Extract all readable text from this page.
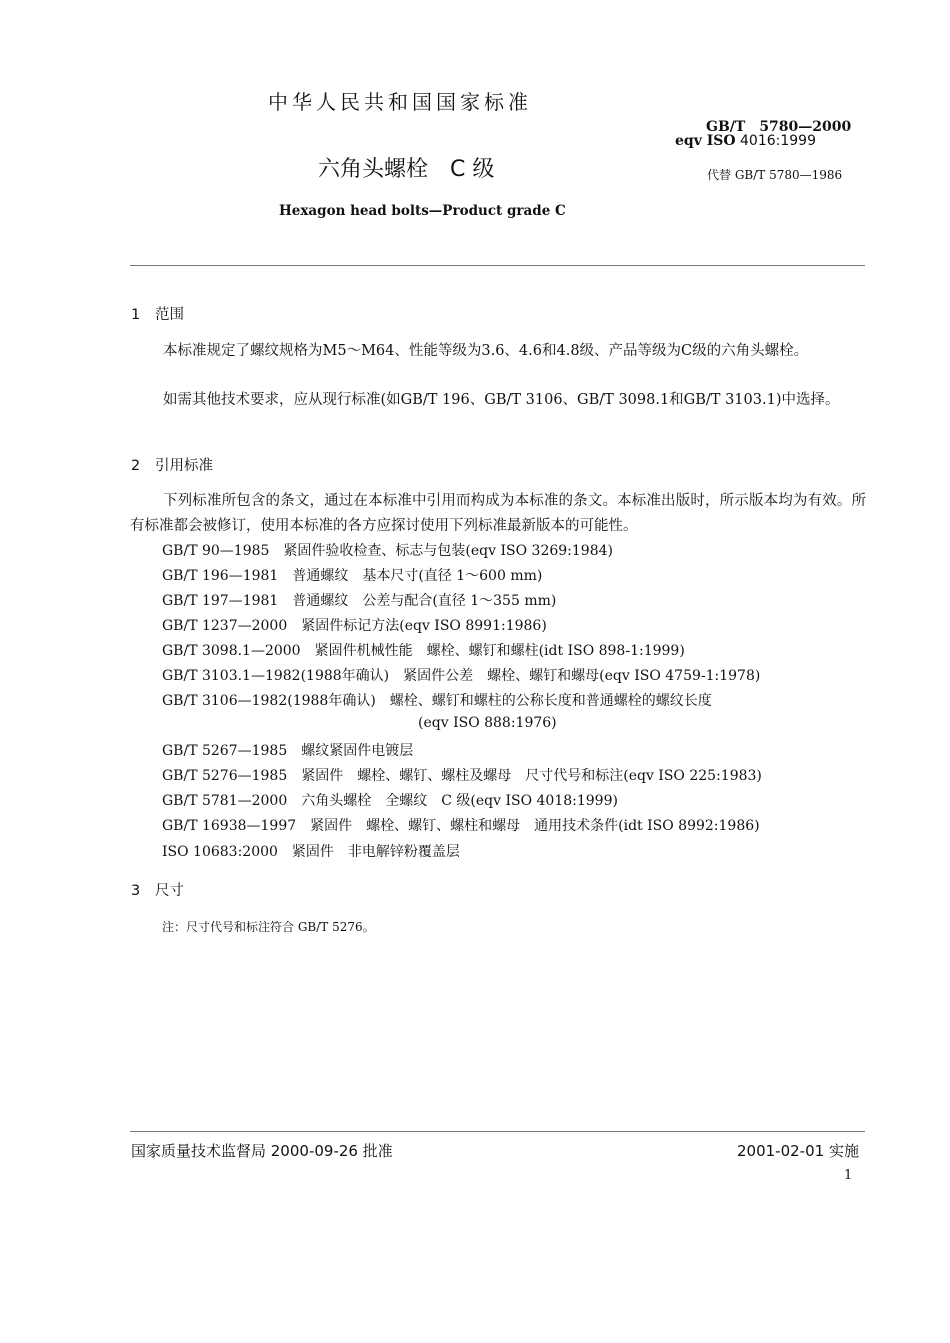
中华人民共和国国家标准
GB/T　5780—2000
eqv ISO 4016:1999
六角头螺栓　C 级	代替 GB/T 5780—1986
Hexagon head bolts—Product grade C
1 范围
本标准规定了螺纹规格为M5～M64、性能等级为3.6、4.6和4.8级、产品等级为C级的六角头螺栓。
如需其他技术要求，应从现行标准(如GB/T 196、GB/T 3106、GB/T 3098.1和GB/T 3103.1)中选择。
2 引用标准
下列标准所包含的条文，通过在本标准中引用而构成为本标准的条文。本标准出版时，所示版本均为有效。所有标准都会被修订，使用本标准的各方应探讨使用下列标准最新版本的可能性。
GB/T 90—1985　紧固件验收检查、标志与包装(eqv ISO 3269:1984)
GB/T 196—1981　普通螺纹　基本尺寸(直径 1～600 mm)
GB/T 197—1981　普通螺纹　公差与配合(直径 1～355 mm)
GB/T 1237—2000　紧固件标记方法(eqv ISO 8991:1986)
GB/T 3098.1—2000　紧固件机械性能　螺栓、螺钉和螺柱(idt ISO 898-1:1999)
GB/T 3103.1—1982(1988年确认)　紧固件公差　螺栓、螺钉和螺母(eqv ISO 4759-1:1978)
GB/T 3106—1982(1988年确认)　螺栓、螺钉和螺柱的公称长度和普通螺栓的螺纹长度
(eqv ISO 888:1976)
GB/T 5267—1985　螺纹紧固件电镀层
GB/T 5276—1985　紧固件　螺栓、螺钉、螺柱及螺母　尺寸代号和标注(eqv ISO 225:1983)
GB/T 5781—2000　六角头螺栓　全螺纹　C 级(eqv ISO 4018:1999)
GB/T 16938—1997　紧固件　螺栓、螺钉、螺柱和螺母　通用技术条件(idt ISO 8992:1986)
ISO 10683:2000　紧固件　非电解锌粉覆盖层
3 尺寸
注：尺寸代号和标注符合 GB/T 5276。
国家质量技术监督局 2000-09-26 批准	2001-02-01 实施
1
